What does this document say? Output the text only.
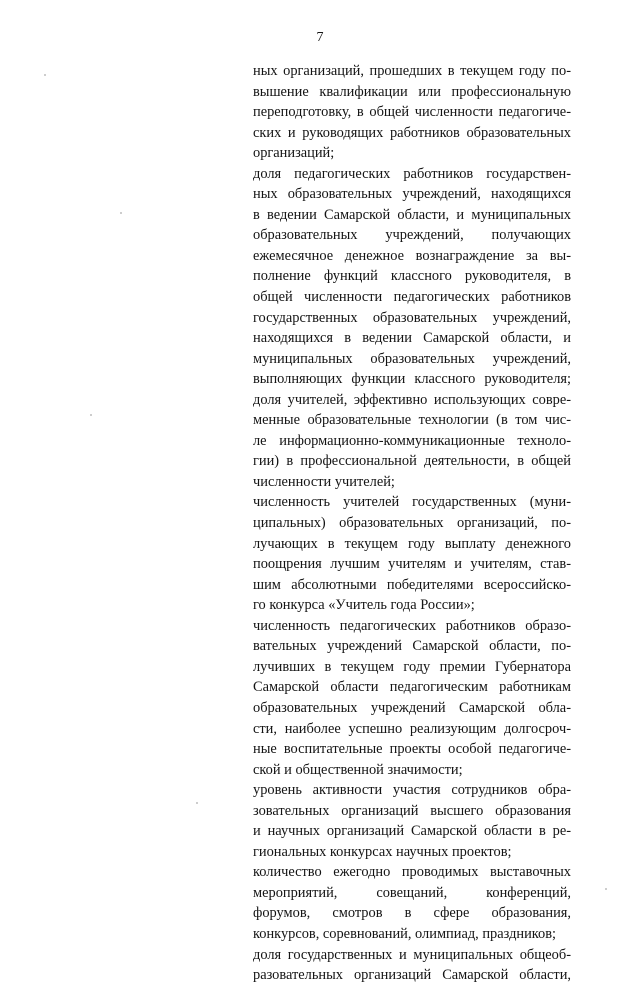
7
ных организаций, прошедших в текущем году по-
вышение квалификации или профессиональную
переподготовку, в общей численности педагогиче-
ских и руководящих работников образовательных
организаций;
доля педагогических работников государствен-
ных образовательных учреждений, находящихся
в ведении Самарской области, и муниципальных
образовательных учреждений, получающих
ежемесячное денежное вознаграждение за вы-
полнение функций классного руководителя, в
общей численности педагогических работников
государственных образовательных учреждений,
находящихся в ведении Самарской области, и
муниципальных образовательных учреждений,
выполняющих функции классного руководителя;
доля учителей, эффективно использующих совре-
менные образовательные технологии (в том чис-
ле информационно-коммуникационные техноло-
гии) в профессиональной деятельности, в общей
численности учителей;
численность учителей государственных (муни-
ципальных) образовательных организаций, по-
лучающих в текущем году выплату денежного
поощрения лучшим учителям и учителям, став-
шим абсолютными победителями всероссийско-
го конкурса «Учитель года России»;
численность педагогических работников образо-
вательных учреждений Самарской области, по-
лучивших в текущем году премии Губернатора
Самарской области педагогическим работникам
образовательных учреждений Самарской обла-
сти, наиболее успешно реализующим долгосроч-
ные воспитательные проекты особой педагогиче-
ской и общественной значимости;
уровень активности участия сотрудников обра-
зовательных организаций высшего образования
и научных организаций Самарской области в ре-
гиональных конкурсах научных проектов;
количество ежегодно проводимых выставочных
мероприятий, совещаний, конференций,
форумов, смотров в сфере образования,
конкурсов, соревнований, олимпиад, праздников;
доля государственных и муниципальных общеоб-
разовательных организаций Самарской области,
